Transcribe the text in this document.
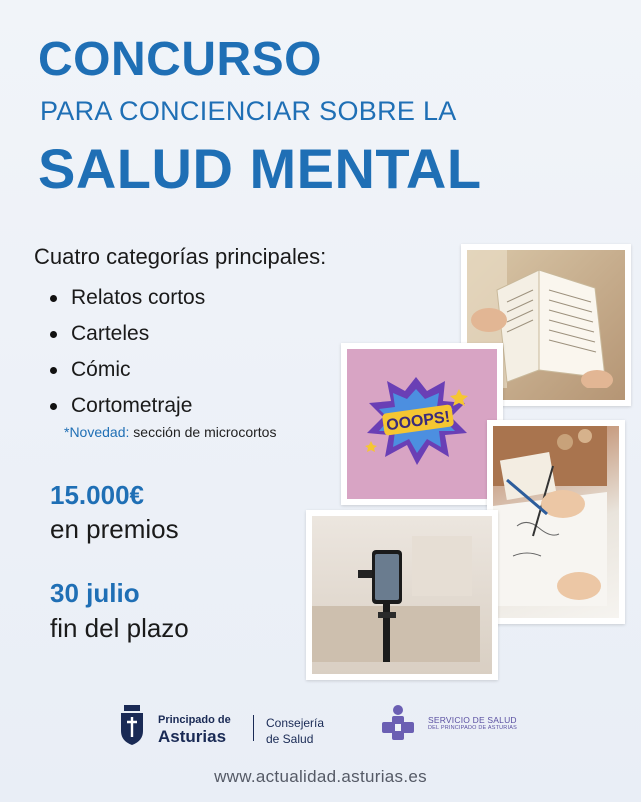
CONCURSO
PARA CONCIENCIAR SOBRE LA
SALUD MENTAL
Cuatro categorías principales:
Relatos cortos
Carteles
Cómic
Cortometraje
*Novedad: sección de microcortos
15.000€
en premios
30 julio
fin del plazo
OOOPS!
Principado de
Asturias
Consejería
de Salud
SERVICIO DE SALUD
DEL PRINCIPADO DE ASTURIAS
www.actualidad.asturias.es
